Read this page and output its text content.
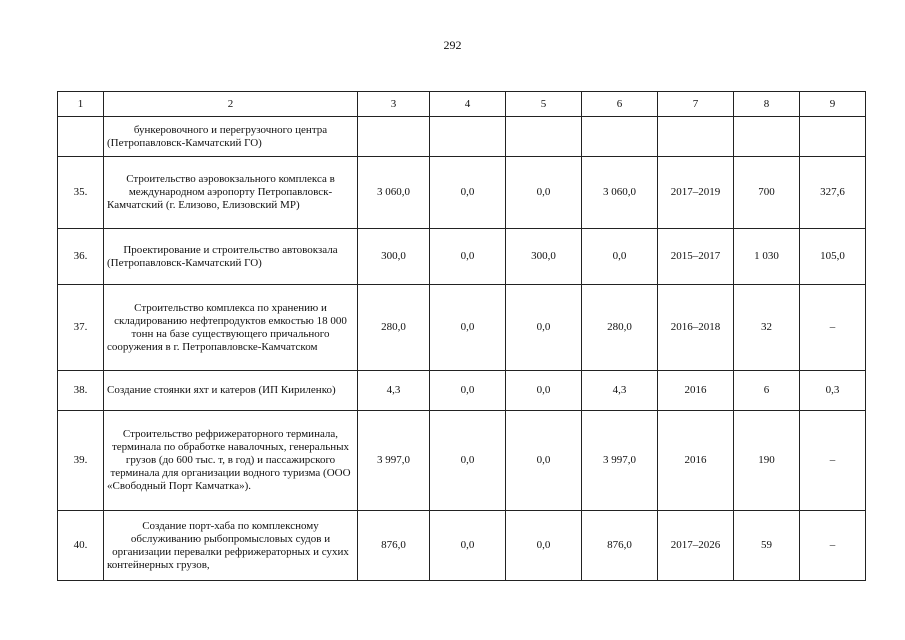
292
1	2	3	4	5	6	7	8	9
	бункеровочного и перегрузочного центра (Петропавловск-Камчатский ГО)							
35.	Строительство аэровокзального комплекса в международном аэропорту Петропавловск-Камчатский (г. Елизово, Елизовский МР)	3 060,0	0,0	0,0	3 060,0	2017–2019	700	327,6
36.	Проектирование и строительство автовокзала (Петропавловск-Камчатский ГО)	300,0	0,0	300,0	0,0	2015–2017	1 030	105,0
37.	Строительство комплекса по хранению и складированию нефтепродуктов емкостью 18 000 тонн на базе существующего причального сооружения в г. Петропавловске-Камчатском	280,0	0,0	0,0	280,0	2016–2018	32	–
38.	Создание стоянки яхт и катеров (ИП Кириленко)	4,3	0,0	0,0	4,3	2016	6	0,3
39.	Строительство рефрижераторного терминала, терминала по обработке навалочных, генеральных грузов (до 600 тыс. т, в год) и пассажирского терминала для организации водного туризма (ООО «Свободный Порт Камчатка»).	3 997,0	0,0	0,0	3 997,0	2016	190	–
40.	Создание порт-хаба по комплексному обслуживанию рыбопромысловых судов и организации перевалки рефрижераторных и сухих контейнерных грузов,	876,0	0,0	0,0	876,0	2017–2026	59	–
